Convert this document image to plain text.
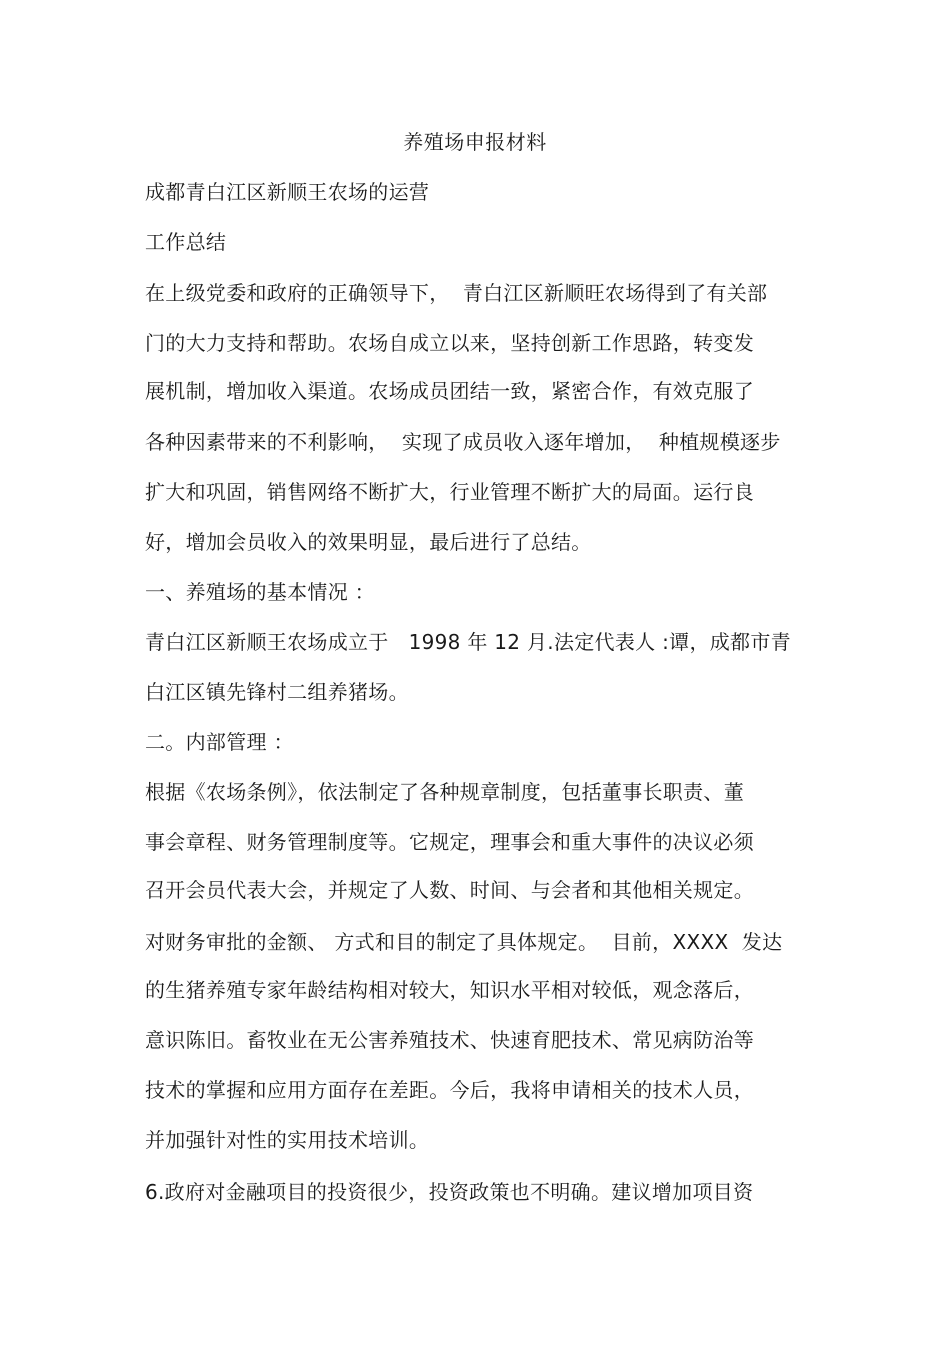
养殖场申报材料
成都青白江区新顺王农场的运营
工作总结
在上级党委和政府的正确领导下，  青白江区新顺旺农场得到了有关部
门的大力支持和帮助。农场自成立以来，坚持创新工作思路，转变发
展机制，增加收入渠道。农场成员团结一致，紧密合作，有效克服了
各种因素带来的不利影响，  实现了成员收入逐年增加，  种植规模逐步
扩大和巩固，销售网络不断扩大，行业管理不断扩大的局面。运行良
好，增加会员收入的效果明显，最后进行了总结。
一、养殖场的基本情况 ：
青白江区新顺王农场成立于   1998 年 12 月.法定代表人 :谭，成都市青
白江区镇先锋村二组养猪场。
二。内部管理 ：
根据《农场条例》，依法制定了各种规章制度，包括董事长职责、董
事会章程、财务管理制度等。它规定，理事会和重大事件的决议必须
召开会员代表大会，并规定了人数、时间、与会者和其他相关规定。
对财务审批的金额、 方式和目的制定了具体规定。  目前，XXXX  发达
的生猪养殖专家年龄结构相对较大，知识水平相对较低，观念落后，
意识陈旧。畜牧业在无公害养殖技术、快速育肥技术、常见病防治等
技术的掌握和应用方面存在差距。今后，我将申请相关的技术人员，
并加强针对性的实用技术培训。
6.政府对金融项目的投资很少，投资政策也不明确。建议增加项目资
